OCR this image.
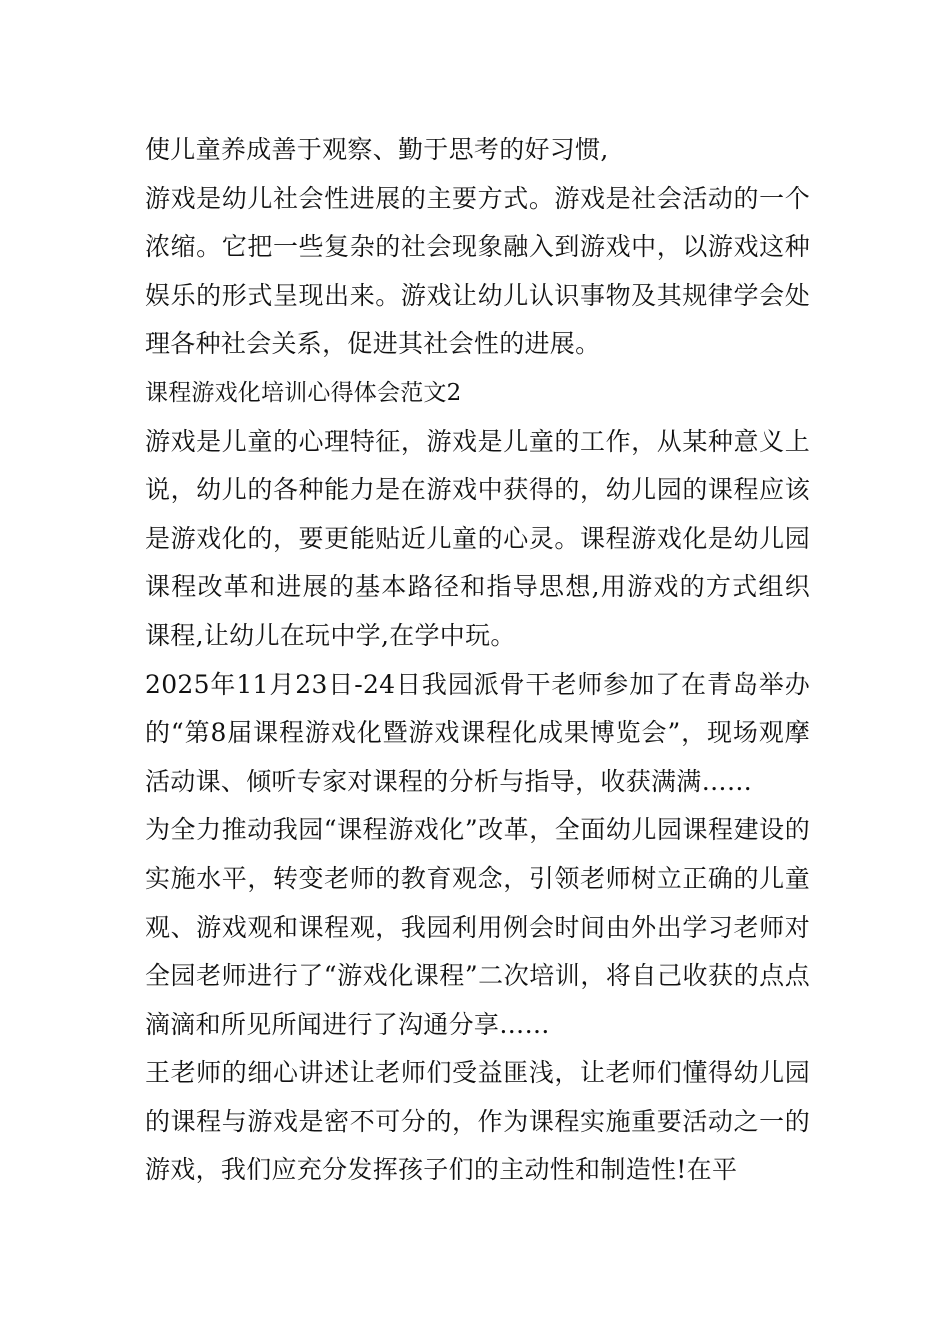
使儿童养成善于观察、勤于思考的好习惯,

游戏是幼儿社会性进展的主要方式。游戏是社会活动的一个浓缩。它把一些复杂的社会现象融入到游戏中，以游戏这种娱乐的形式呈现出来。游戏让幼儿认识事物及其规律学会处理各种社会关系，促进其社会性的进展。

课程游戏化培训心得体会范文2

游戏是儿童的心理特征，游戏是儿童的工作，从某种意义上说，幼儿的各种能力是在游戏中获得的，幼儿园的课程应该是游戏化的，要更能贴近儿童的心灵。课程游戏化是幼儿园课程改革和进展的基本路径和指导思想,用游戏的方式组织课程,让幼儿在玩中学,在学中玩。

2025年11月23日-24日我园派骨干老师参加了在青岛举办的“第8届课程游戏化暨游戏课程化成果博览会”，现场观摩活动课、倾听专家对课程的分析与指导，收获满满……

为全力推动我园“课程游戏化”改革，全面幼儿园课程建设的实施水平，转变老师的教育观念，引领老师树立正确的儿童观、游戏观和课程观，我园利用例会时间由外出学习老师对全园老师进行了“游戏化课程”二次培训，将自己收获的点点滴滴和所见所闻进行了沟通分享……

王老师的细心讲述让老师们受益匪浅，让老师们懂得幼儿园的课程与游戏是密不可分的，作为课程实施重要活动之一的游戏，我们应充分发挥孩子们的主动性和制造性!在平
